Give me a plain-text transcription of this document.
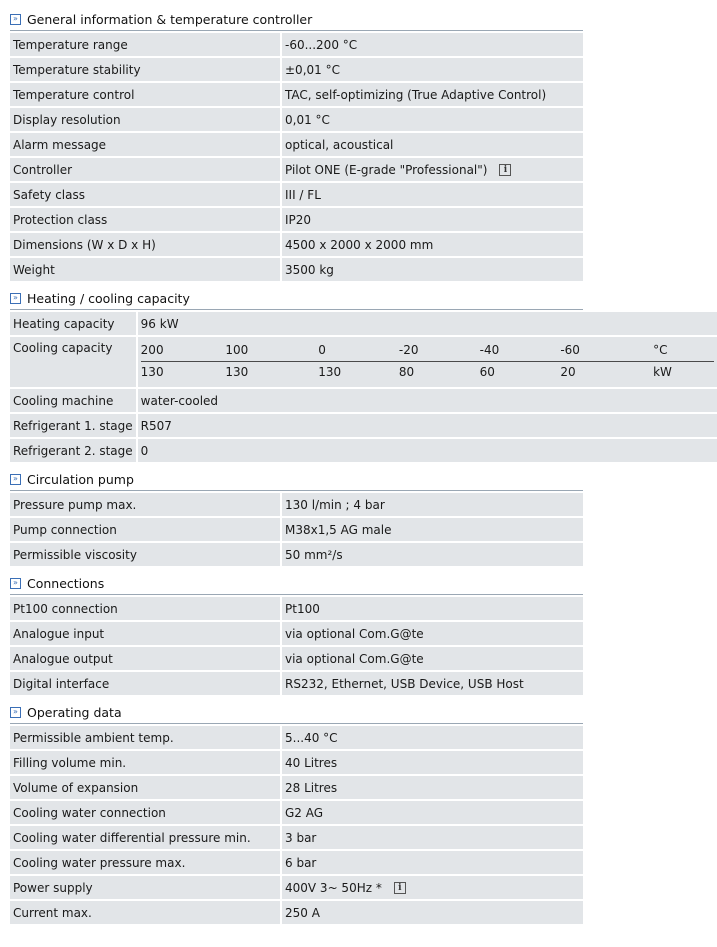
» General information & temperature controller
Temperature range	-60...200 °C
Temperature stability	±0,01 °C
Temperature control	TAC, self-optimizing (True Adaptive Control)
Display resolution	0,01 °C
Alarm message	optical, acoustical
Controller	Pilot ONE (E-grade "Professional") i
Safety class	III / FL
Protection class	IP20
Dimensions (W x D x H)	4500 x 2000 x 2000 mm
Weight	3500 kg
» Heating / cooling capacity
Heating capacity	96 kW
Cooling capacity	200	100	0	-20	-40	-60	°C
130	130	130	80	60	20	kW

Cooling machine	water-cooled
Refrigerant 1. stage	R507
Refrigerant 2. stage	0
» Circulation pump
Pressure pump max.	130 l/min ; 4 bar
Pump connection	M38x1,5 AG male
Permissible viscosity	50 mm²/s
» Connections
Pt100 connection	Pt100
Analogue input	via optional Com.G@te
Analogue output	via optional Com.G@te
Digital interface	RS232, Ethernet, USB Device, USB Host
» Operating data
Permissible ambient temp.	5...40 °C
Filling volume min.	40 Litres
Volume of expansion	28 Litres
Cooling water connection	G2 AG
Cooling water differential pressure min.	3 bar
Cooling water pressure max.	6 bar
Power supply	400V 3~ 50Hz * i
Current max.	250 A
